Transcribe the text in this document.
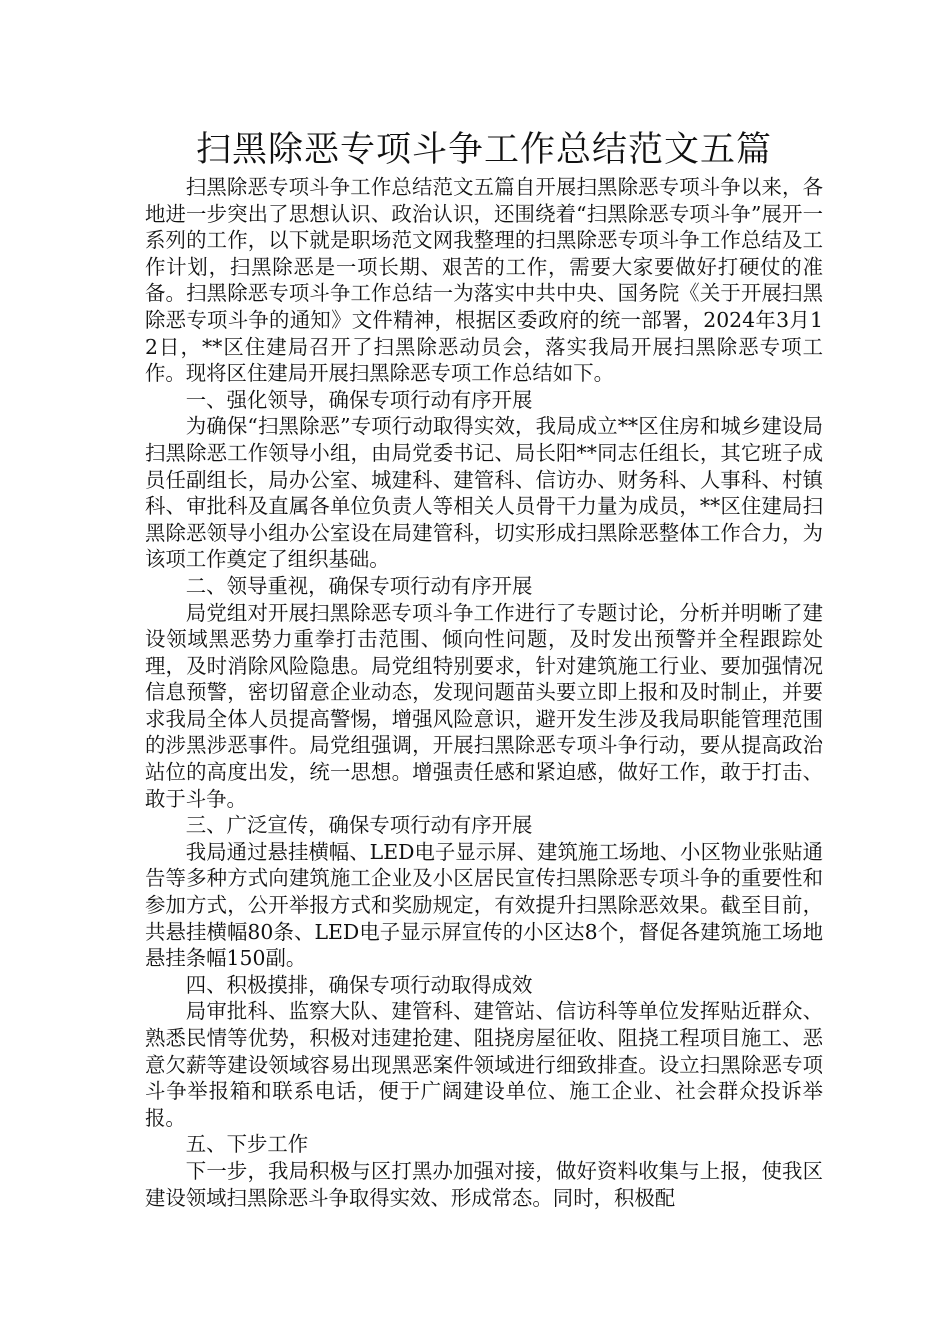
扫黑除恶专项斗争工作总结范文五篇

扫黑除恶专项斗争工作总结范文五篇自开展扫黑除恶专项斗争以来，各地进一步突出了思想认识、政治认识，还围绕着“扫黑除恶专项斗争”展开一系列的工作，以下就是职场范文网我整理的扫黑除恶专项斗争工作总结及工作计划，扫黑除恶是一项长期、艰苦的工作，需要大家要做好打硬仗的准备。扫黑除恶专项斗争工作总结一为落实中共中央、国务院《关于开展扫黑除恶专项斗争的通知》文件精神，根据区委政府的统一部署，2024年3月12日，**区住建局召开了扫黑除恶动员会，落实我局开展扫黑除恶专项工作。现将区住建局开展扫黑除恶专项工作总结如下。

一、强化领导，确保专项行动有序开展

为确保“扫黑除恶”专项行动取得实效，我局成立**区住房和城乡建设局扫黑除恶工作领导小组，由局党委书记、局长阳**同志任组长，其它班子成员任副组长，局办公室、城建科、建管科、信访办、财务科、人事科、村镇科、审批科及直属各单位负责人等相关人员骨干力量为成员，**区住建局扫黑除恶领导小组办公室设在局建管科，切实形成扫黑除恶整体工作合力，为该项工作奠定了组织基础。

二、领导重视，确保专项行动有序开展

局党组对开展扫黑除恶专项斗争工作进行了专题讨论，分析并明晰了建设领域黑恶势力重拳打击范围、倾向性问题，及时发出预警并全程跟踪处理，及时消除风险隐患。局党组特别要求，针对建筑施工行业、要加强情况信息预警，密切留意企业动态，发现问题苗头要立即上报和及时制止，并要求我局全体人员提高警惕，增强风险意识，避开发生涉及我局职能管理范围的涉黑涉恶事件。局党组强调，开展扫黑除恶专项斗争行动，要从提高政治站位的高度出发，统一思想。增强责任感和紧迫感，做好工作，敢于打击、敢于斗争。

三、广泛宣传，确保专项行动有序开展

我局通过悬挂横幅、LED电子显示屏、建筑施工场地、小区物业张贴通告等多种方式向建筑施工企业及小区居民宣传扫黑除恶专项斗争的重要性和参加方式，公开举报方式和奖励规定，有效提升扫黑除恶效果。截至目前，共悬挂横幅80条、LED电子显示屏宣传的小区达8个，督促各建筑施工场地悬挂条幅150副。

四、积极摸排，确保专项行动取得成效

局审批科、监察大队、建管科、建管站、信访科等单位发挥贴近群众、熟悉民情等优势，积极对违建抢建、阻挠房屋征收、阻挠工程项目施工、恶意欠薪等建设领域容易出现黑恶案件领域进行细致排查。设立扫黑除恶专项斗争举报箱和联系电话，便于广阔建设单位、施工企业、社会群众投诉举报。

五、下步工作

下一步，我局积极与区打黑办加强对接，做好资料收集与上报，使我区建设领域扫黑除恶斗争取得实效、形成常态。同时，积极配
